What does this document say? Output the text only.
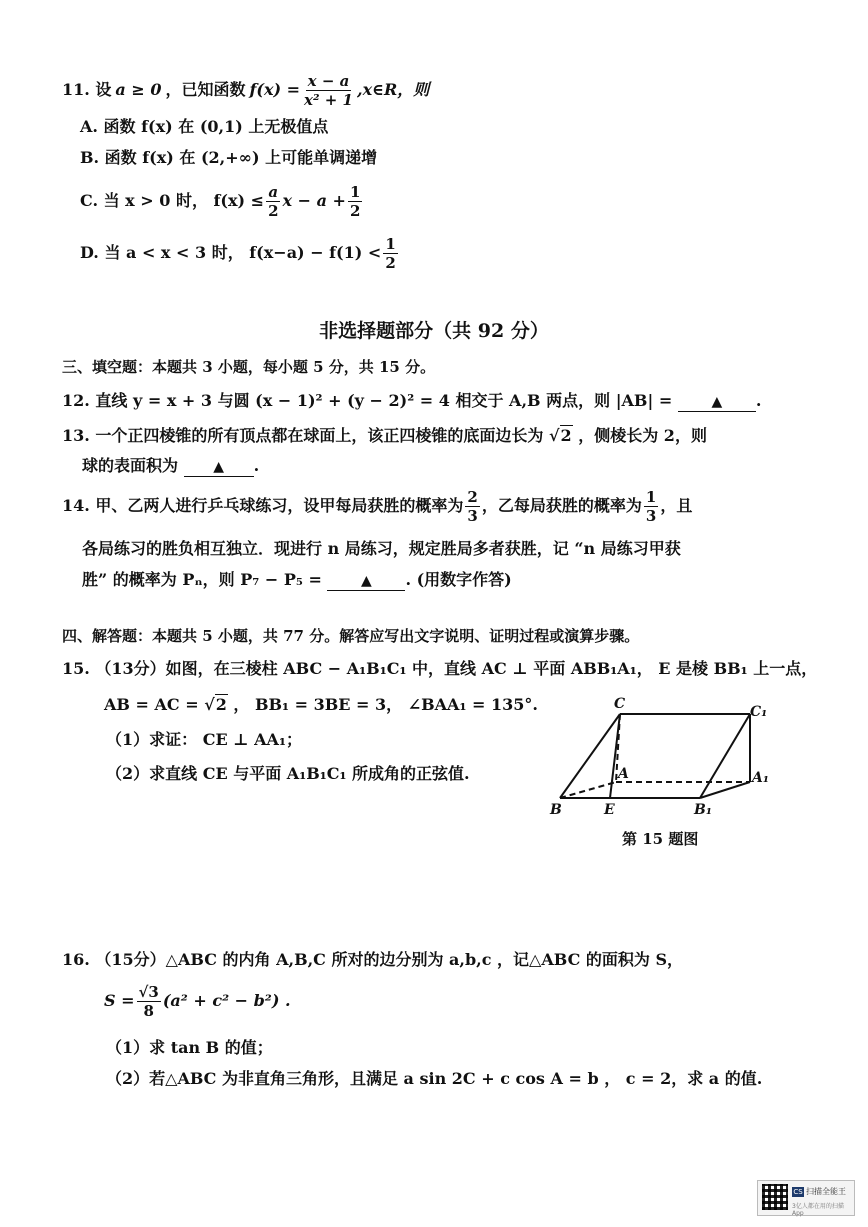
11. 设 a ≥ 0 ，已知函数 $f(x) = \frac{x - a}{\text{x² + 1}}$ ,x∈R，则
A. 函数 f(x) 在 (0,1) 上无极值点
B. 函数 f(x) 在 (2,+∞) 上可能单调递增
C. 当 x > 0 时， $f(x) \le \frac{a}{2}$ $x - a + \frac{1}{2}$
D. 当 a < x < 3 时， $f(x-a) - f(1) < \frac{1}{2}$
非选择题部分（共 92 分）
三、填空题：本题共 3 小题，每小题 5 分，共 15 分。
12. 直线 y = x + 3 与圆 (x − 1)² + (y − 2)² = 4 相交于 A,B 两点，则 |AB| =	▲ .
13. 一个正四棱锥的所有顶点都在球面上，该正四棱锥的底面边长为 √2 ，侧棱长为 2，则
球的表面积为	▲ .
14. 甲、乙两人进行乒乓球练习，设甲每局获胜的概率为 $\frac{2}{3}$ ，乙每局获胜的概率为 $\frac{1}{3}$ ，且
各局练习的胜负相互独立．现进行 n 局练习，规定胜局多者获胜，记 “n 局练习甲获
胜” 的概率为 Pₙ，则 P₇ − P₅ =	▲ . (用数字作答)
四、解答题：本题共 5 小题，共 77 分。解答应写出文字说明、证明过程或演算步骤。
15. （13分）如图，在三棱柱 ABC − A₁B₁C₁ 中，直线 AC ⊥ 平面 ABB₁A₁， E 是棱 BB₁ 上一点，
AB = AC = √2 ， BB₁ = 3BE = 3， ∠BAA₁ = 135°.
（1）求证： CE ⊥ AA₁；
（2）求直线 CE 与平面 A₁B₁C₁ 所成角的正弦值.
C	C₁
A	A₁
B	E	B₁
第 15 题图
16. （15分）△ABC 的内角 A,B,C 所对的边分别为 a,b,c ，记△ABC 的面积为 S，
$S = \frac{√3}{8} (a^2 + c^2 - b^2)$ .
（1）求 tan B 的值；
（2）若△ABC 为非直角三角形，且满足 a sin 2C + c cos A = b ， c = 2，求 a 的值.
CS 扫描全能王
3亿人都在用的扫描App
